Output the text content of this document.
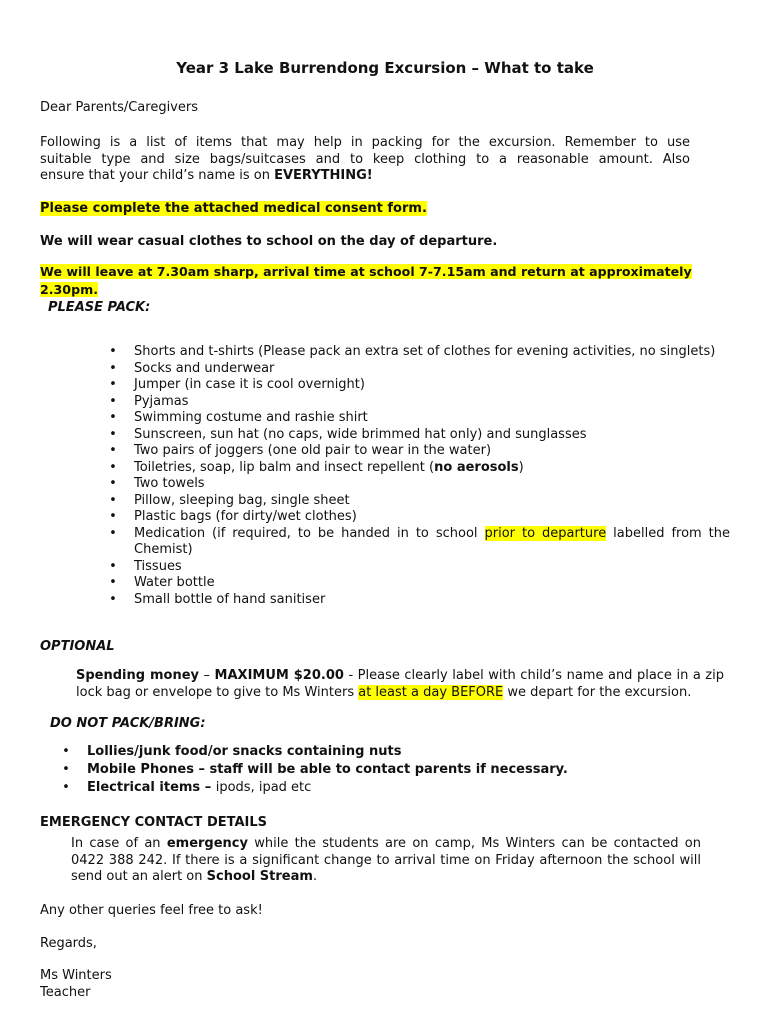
Year 3 Lake Burrendong Excursion – What to take
Dear Parents/Caregivers
Following is a list of items that may help in packing for the excursion. Remember to use
suitable type and size bags/suitcases and to keep clothing to a reasonable amount. Also
ensure that your child’s name is on EVERYTHING!
Please complete the attached medical consent form.
We will wear casual clothes to school on the day of departure.
We will leave at 7.30am sharp, arrival time at school 7-7.15am and return at approximately 2.30pm.
PLEASE PACK:
• Shorts and t-shirts (Please pack an extra set of clothes for evening activities, no singlets)
• Socks and underwear
• Jumper (in case it is cool overnight)
• Pyjamas
• Swimming costume and rashie shirt
• Sunscreen, sun hat (no caps, wide brimmed hat only) and sunglasses
• Two pairs of joggers (one old pair to wear in the water)
• Toiletries, soap, lip balm and insect repellent (no aerosols)
• Two towels
• Pillow, sleeping bag, single sheet
• Plastic bags (for dirty/wet clothes)
• Medication (if required, to be handed in to school prior to departure labelled from the Chemist)
• Tissues
• Water bottle
• Small bottle of hand sanitiser
OPTIONAL
Spending money – MAXIMUM $20.00 - Please clearly label with child’s name and place in a zip lock bag or envelope to give to Ms Winters at least a day BEFORE we depart for the excursion.
DO NOT PACK/BRING:
• Lollies/junk food/or snacks containing nuts
• Mobile Phones – staff will be able to contact parents if necessary.
• Electrical items – ipods, ipad etc
EMERGENCY CONTACT DETAILS
In case of an emergency while the students are on camp, Ms Winters can be contacted on 0422 388 242. If there is a significant change to arrival time on Friday afternoon the school will send out an alert on School Stream.
Any other queries feel free to ask!
Regards,
Ms Winters
Teacher
